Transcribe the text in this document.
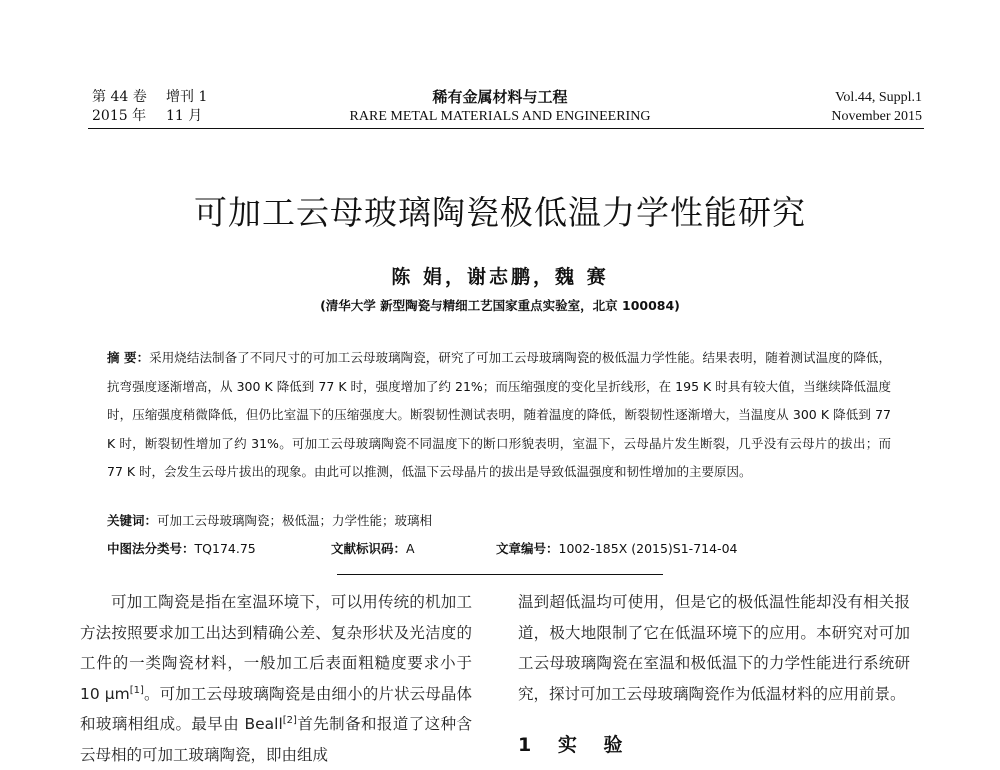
第 44 卷 增刊 1
2015 年 11 月
稀有金属材料与工程
RARE METAL MATERIALS AND ENGINEERING
Vol.44, Suppl.1
November 2015
可加工云母玻璃陶瓷极低温力学性能研究
陈 娟，谢志鹏，魏 赛
(清华大学 新型陶瓷与精细工艺国家重点实验室，北京 100084)
摘 要：采用烧结法制备了不同尺寸的可加工云母玻璃陶瓷，研究了可加工云母玻璃陶瓷的极低温力学性能。结果表明，随着测试温度的降低，抗弯强度逐渐增高，从 300 K 降低到 77 K 时，强度增加了约 21%；而压缩强度的变化呈折线形，在 195 K 时具有较大值，当继续降低温度时，压缩强度稍微降低，但仍比室温下的压缩强度大。断裂韧性测试表明，随着温度的降低，断裂韧性逐渐增大，当温度从 300 K 降低到 77 K 时，断裂韧性增加了约 31%。可加工云母玻璃陶瓷不同温度下的断口形貌表明，室温下，云母晶片发生断裂，几乎没有云母片的拔出；而 77 K 时，会发生云母片拔出的现象。由此可以推测，低温下云母晶片的拔出是导致低温强度和韧性增加的主要原因。
关键词：可加工云母玻璃陶瓷；极低温；力学性能；玻璃相
中图法分类号：TQ174.75	文献标识码：A	文章编号：1002-185X (2015)S1-714-04

可加工陶瓷是指在室温环境下，可以用传统的机加工方法按照要求加工出达到精确公差、复杂形状及光洁度的工件的一类陶瓷材料，一般加工后表面粗糙度要求小于 10 μm[1]。可加工云母玻璃陶瓷是由细小的片状云母晶体和玻璃相组成。最早由 Beall[2]首先制备和报道了这种含云母相的可加工玻璃陶瓷，即由组成

温到超低温均可使用，但是它的极低温性能却没有相关报道，极大地限制了它在低温环境下的应用。本研究对可加工云母玻璃陶瓷在室温和极低温下的力学性能进行系统研究，探讨可加工云母玻璃陶瓷作为低温材料的应用前景。

1 实 验
